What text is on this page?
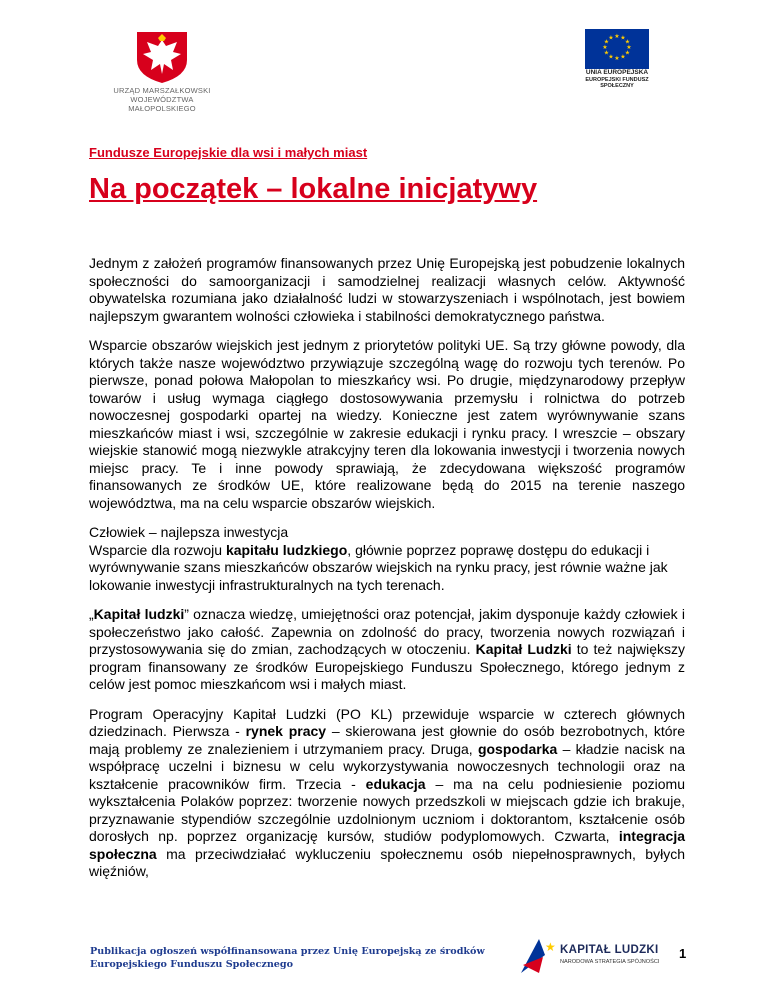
URZĄD MARSZAŁKOWSKI
WOJEWÓDZTWA MAŁOPOLSKIEGO
★ ★
★
★
★
★
★
★
★
★
★
★
UNIA EUROPEJSKA
EUROPEJSKI FUNDUSZ
SPOŁECZNY
Fundusze Europejskie dla wsi i małych miast
Na początek – lokalne inicjatywy

Jednym z założeń programów finansowanych przez Unię Europejską jest pobudzenie lokalnych społeczności do samoorganizacji i samodzielnej realizacji własnych celów. Aktywność obywatelska rozumiana jako działalność ludzi w stowarzyszeniach i wspólnotach, jest bowiem najlepszym gwarantem wolności człowieka i stabilności demokratycznego państwa.

Wsparcie obszarów wiejskich jest jednym z priorytetów polityki UE. Są trzy główne powody, dla których także nasze województwo przywiązuje szczególną wagę do rozwoju tych terenów. Po pierwsze, ponad połowa Małopolan to mieszkańcy wsi. Po drugie, międzynarodowy przepływ towarów i usług wymaga ciągłego dostosowywania przemysłu i rolnictwa do potrzeb nowoczesnej gospodarki opartej na wiedzy. Konieczne jest zatem wyrównywanie szans mieszkańców miast i wsi, szczególnie w zakresie edukacji i rynku pracy. I wreszcie – obszary wiejskie stanowić mogą niezwykle atrakcyjny teren dla lokowania inwestycji i tworzenia nowych miejsc pracy. Te i inne powody sprawiają, że zdecydowana większość programów finansowanych ze środków UE, które realizowane będą do 2015 na terenie naszego województwa, ma na celu wsparcie obszarów wiejskich.

Człowiek – najlepsza inwestycja
Wsparcie dla rozwoju kapitału ludzkiego, głównie poprzez poprawę dostępu do edukacji i wyrównywanie szans mieszkańców obszarów wiejskich na rynku pracy, jest równie ważne jak lokowanie inwestycji infrastrukturalnych na tych terenach.

„Kapitał ludzki” oznacza wiedzę, umiejętności oraz potencjał, jakim dysponuje każdy człowiek i społeczeństwo jako całość. Zapewnia on zdolność do pracy, tworzenia nowych rozwiązań i przystosowywania się do zmian, zachodzących w otoczeniu. Kapitał Ludzki to też największy program finansowany ze środków Europejskiego Funduszu Społecznego, którego jednym z celów jest pomoc mieszkańcom wsi i małych miast.

Program Operacyjny Kapitał Ludzki (PO KL) przewiduje wsparcie w czterech głównych dziedzinach. Pierwsza - rynek pracy – skierowana jest głownie do osób bezrobotnych, które mają problemy ze znalezieniem i utrzymaniem pracy. Druga, gospodarka – kładzie nacisk na współpracę uczelni i biznesu w celu wykorzystywania nowoczesnych technologii oraz na kształcenie pracowników firm. Trzecia - edukacja – ma na celu podniesienie poziomu wykształcenia Polaków poprzez: tworzenie nowych przedszkoli w miejscach gdzie ich brakuje, przyznawanie stypendiów szczególnie uzdolnionym uczniom i doktorantom, kształcenie osób dorosłych np. poprzez organizację kursów, studiów podyplomowych. Czwarta, integracja społeczna ma przeciwdziałać wykluczeniu społecznemu osób niepełnosprawnych, byłych więźniów,

Publikacja ogłoszeń współfinansowana przez Unię Europejską ze środków
Europejskiego Funduszu Społecznego
★ KAPITAŁ LUDZKI
NARODOWA STRATEGIA SPÓJNOŚCI
1
